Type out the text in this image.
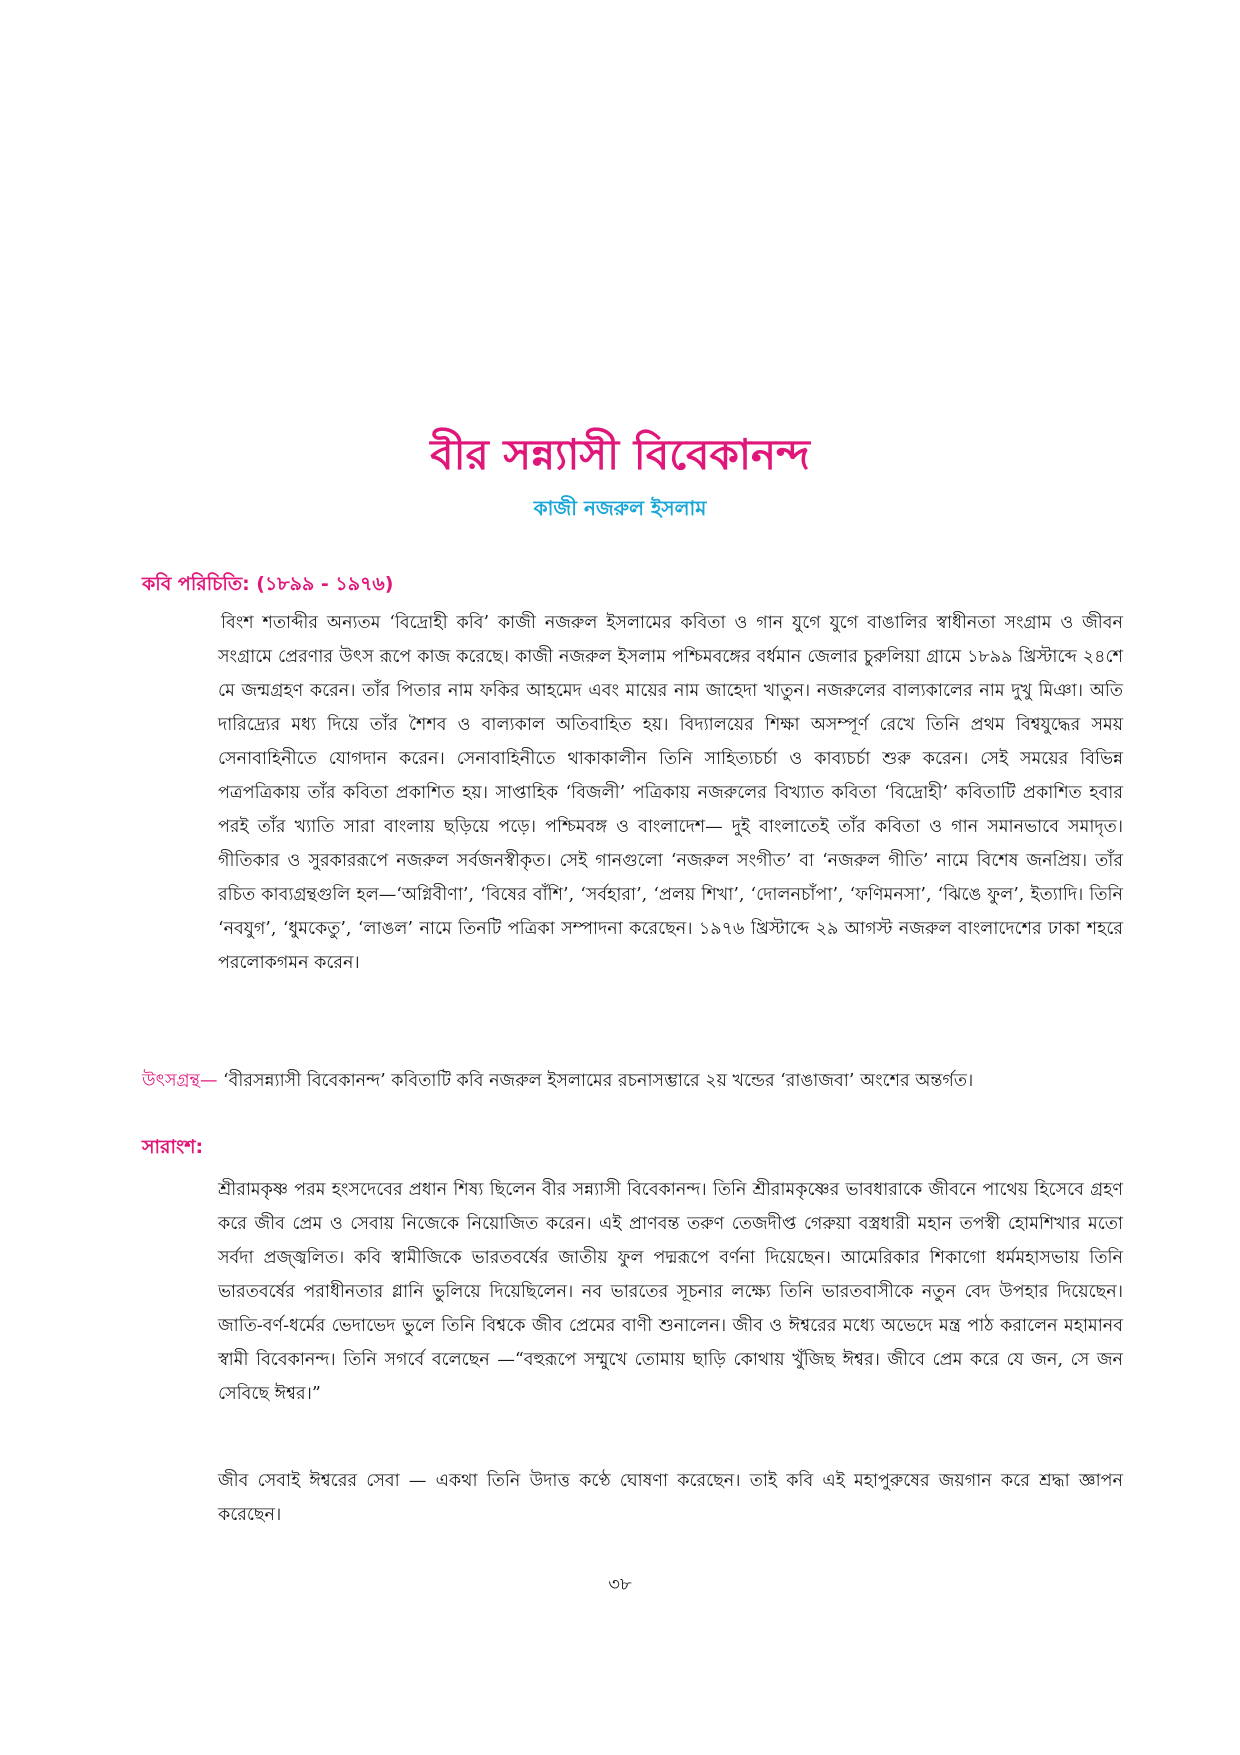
বীর সন্ন্যাসী বিবেকানন্দ

কাজী নজরুল ইসলাম

কবি পরিচিতি: (১৮৯৯ - ১৯৭৬)

বিংশ শতাব্দীর অন্যতম ‘বিদ্রোহী কবি’ কাজী নজরুল ইসলামের কবিতা ও গান যুগে যুগে বাঙালির স্বাধীনতা সংগ্রাম ও জীবন সংগ্রামে প্রেরণার উৎস রূপে কাজ করেছে। কাজী নজরুল ইসলাম পশ্চিমবঙ্গের বর্ধমান জেলার চুরুলিয়া গ্রামে ১৮৯৯ খ্রিস্টাব্দে ২৪শে মে জন্মগ্রহণ করেন। তাঁর পিতার নাম ফকির আহমেদ এবং মায়ের নাম জাহেদা খাতুন। নজরুলের বাল্যকালের নাম দুখু মিঞা। অতি দারিদ্র্যের মধ্য দিয়ে তাঁর শৈশব ও বাল্যকাল অতিবাহিত হয়। বিদ্যালয়ের শিক্ষা অসম্পূর্ণ রেখে তিনি প্রথম বিশ্বযুদ্ধের সময় সেনাবাহিনীতে যোগদান করেন। সেনাবাহিনীতে থাকাকালীন তিনি সাহিত্যচর্চা ও কাব্যচর্চা শুরু করেন। সেই সময়ের বিভিন্ন পত্রপত্রিকায় তাঁর কবিতা প্রকাশিত হয়। সাপ্তাহিক ‘বিজলী’ পত্রিকায় নজরুলের বিখ্যাত কবিতা ‘বিদ্রোহী’ কবিতাটি প্রকাশিত হবার পরই তাঁর খ্যাতি সারা বাংলায় ছড়িয়ে পড়ে। পশ্চিমবঙ্গ ও বাংলাদেশ— দুই বাংলাতেই তাঁর কবিতা ও গান সমানভাবে সমাদৃত। গীতিকার ও সুরকাররূপে নজরুল সর্বজনস্বীকৃত। সেই গানগুলো ‘নজরুল সংগীত’ বা ‘নজরুল গীতি’ নামে বিশেষ জনপ্রিয়। তাঁর রচিত কাব্যগ্রন্থগুলি হল—‘অগ্নিবীণা’, ‘বিষের বাঁশি’, ‘সর্বহারা’, ‘প্রলয় শিখা’, ‘দোলনচাঁপা’, ‘ফণিমনসা’, ‘ঝিঙে ফুল’, ইত্যাদি। তিনি ‘নবযুগ’, ‘ধুমকেতু’, ‘লাঙল’ নামে তিনটি পত্রিকা সম্পাদনা করেছেন। ১৯৭৬ খ্রিস্টাব্দে ২৯ আগস্ট নজরুল বাংলাদেশের ঢাকা শহরে পরলোকগমন করেন।

উৎসগ্রন্থ— ‘বীরসন্ন্যাসী বিবেকানন্দ’ কবিতাটি কবি নজরুল ইসলামের রচনাসম্ভারে ২য় খন্ডের ‘রাঙাজবা’ অংশের অন্তর্গত।

সারাংশ:

শ্রীরামকৃষ্ণ পরম হংসদেবের প্রধান শিষ্য ছিলেন বীর সন্ন্যাসী বিবেকানন্দ। তিনি শ্রীরামকৃষ্ণের ভাবধারাকে জীবনে পাথেয় হিসেবে গ্রহণ করে জীব প্রেম ও সেবায় নিজেকে নিয়োজিত করেন। এই প্রাণবন্ত তরুণ তেজদীপ্ত গেরুয়া বস্ত্রধারী মহান তপস্বী হোমশিখার মতো সর্বদা প্রজ্জ্বলিত। কবি স্বামীজিকে ভারতবর্ষের জাতীয় ফুল পদ্মরূপে বর্ণনা দিয়েছেন। আমেরিকার শিকাগো ধর্মমহাসভায় তিনি ভারতবর্ষের পরাধীনতার গ্লানি ভুলিয়ে দিয়েছিলেন। নব ভারতের সূচনার লক্ষ্যে তিনি ভারতবাসীকে নতুন বেদ উপহার দিয়েছেন। জাতি-বর্ণ-ধর্মের ভেদাভেদ ভুলে তিনি বিশ্বকে জীব প্রেমের বাণী শুনালেন। জীব ও ঈশ্বরের মধ্যে অভেদে মন্ত্র পাঠ করালেন মহামানব স্বামী বিবেকানন্দ। তিনি সগর্বে বলেছেন —“বহুরূপে সম্মুখে তোমায় ছাড়ি কোথায় খুঁজিছ ঈশ্বর। জীবে প্রেম করে যে জন, সে জন সেবিছে ঈশ্বর।”

জীব সেবাই ঈশ্বরের সেবা — একথা তিনি উদাত্ত কণ্ঠে ঘোষণা করেছেন। তাই কবি এই মহাপুরুষের জয়গান করে শ্রদ্ধা জ্ঞাপন করেছেন।

৩৮
